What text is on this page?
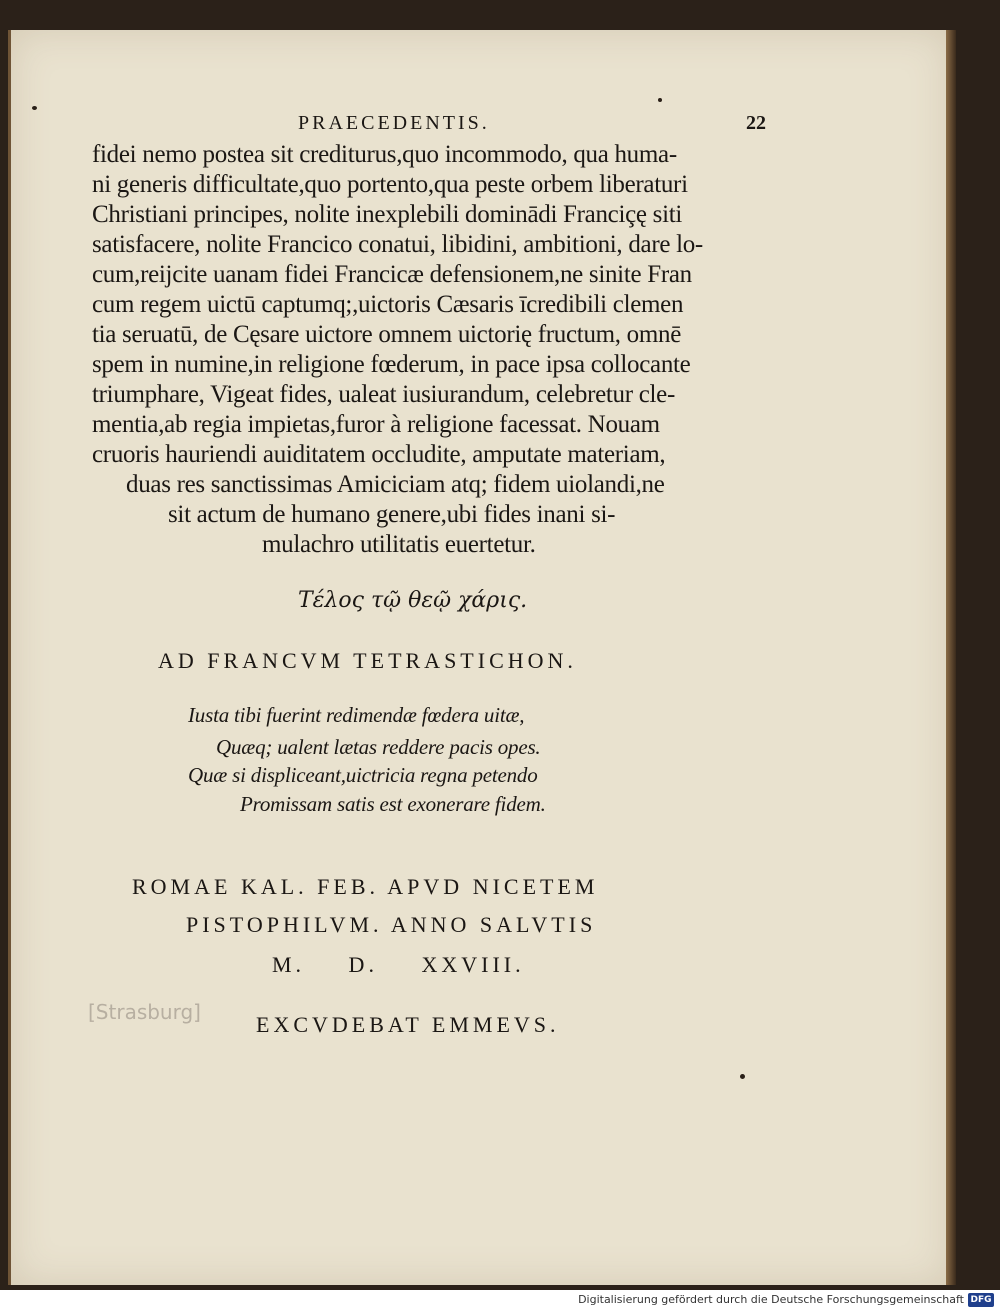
PRAECEDENTIS.	22
fidei nemo postea sit crediturus,quo incommodo, qua huma-
ni generis difficultate,quo portento,qua peste orbem liberaturi
Christiani principes, nolite inexplebili dominādi Franciçę siti
satisfacere, nolite Francico conatui, libidini, ambitioni, dare lo-
cum,reijcite uanam fidei Francicæ defensionem,ne sinite Fran
cum regem uictū captumq;,uictoris Cæsaris īcredibili clemen
tia seruatū, de Cęsare uictore omnem uictorię fructum, omnē
spem in numine,in religione fœderum, in pace ipsa collocante
triumphare, Vigeat fides, ualeat iusiurandum, celebretur cle-
mentia,ab regia impietas,furor à religione facessat. Nouam
cruoris hauriendi auiditatem occludite, amputate materiam,
duas res sanctissimas Amiciciam atq; fidem uiolandi,ne
sit actum de humano genere,ubi fides inani si-
mulachro utilitatis euertetur.
Τέλος τῷ θεῷ χάρις.
AD FRANCVM TETRASTICHON.
Iusta tibi fuerint redimendæ fœdera uitæ,
Quæq; ualent lætas reddere pacis opes.
Quæ si displiceant,uictricia regna petendo
Promissam satis est exonerare fidem.
ROMAE KAL. FEB. APVD NICETEM
PISTOPHILVM. ANNO SALVTIS
M. D. XXVIII.
EXCVDEBAT EMMEVS.
[Strasburg]
Digitalisierung gefördert durch die Deutsche Forschungsgemeinschaft DFG
